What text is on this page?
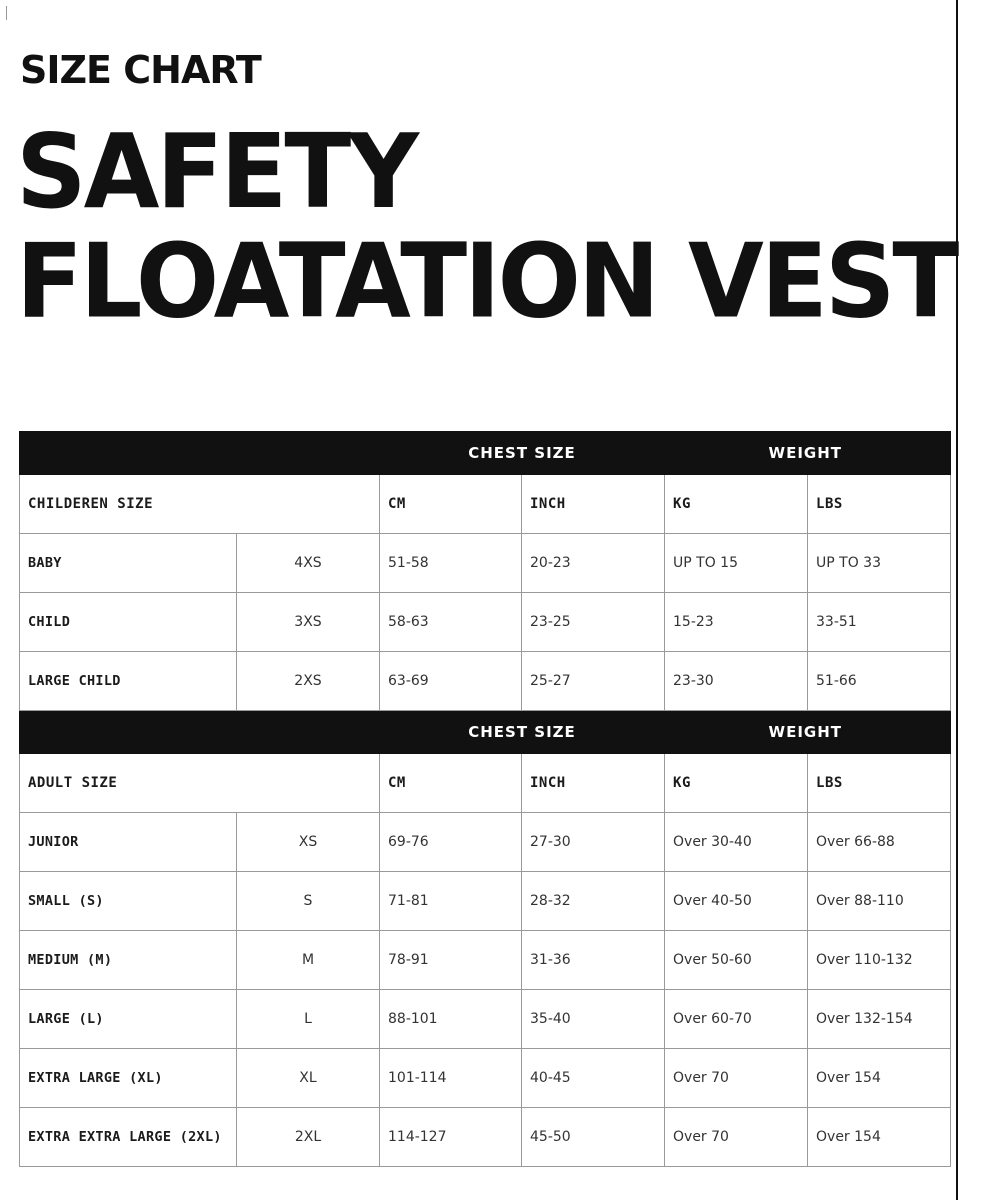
SIZE CHART
SAFETY
FLOATATION VEST
		CHEST SIZE		WEIGHT	
CHILDEREN SIZE		CM	INCH	KG	LBS
BABY	4XS	51-58	20-23	UP TO 15	UP TO 33
CHILD	3XS	58-63	23-25	15-23	33-51
LARGE CHILD	2XS	63-69	25-27	23-30	51-66
		CHEST SIZE		WEIGHT	
ADULT SIZE		CM	INCH	KG	LBS
JUNIOR	XS	69-76	27-30	Over 30-40	Over 66-88
SMALL (S)	S	71-81	28-32	Over 40-50	Over 88-110
MEDIUM (M)	M	78-91	31-36	Over 50-60	Over 110-132
LARGE (L)	L	88-101	35-40	Over 60-70	Over 132-154
EXTRA LARGE (XL)	XL	101-114	40-45	Over 70	Over 154
EXTRA EXTRA LARGE (2XL)	2XL	114-127	45-50	Over 70	Over 154
